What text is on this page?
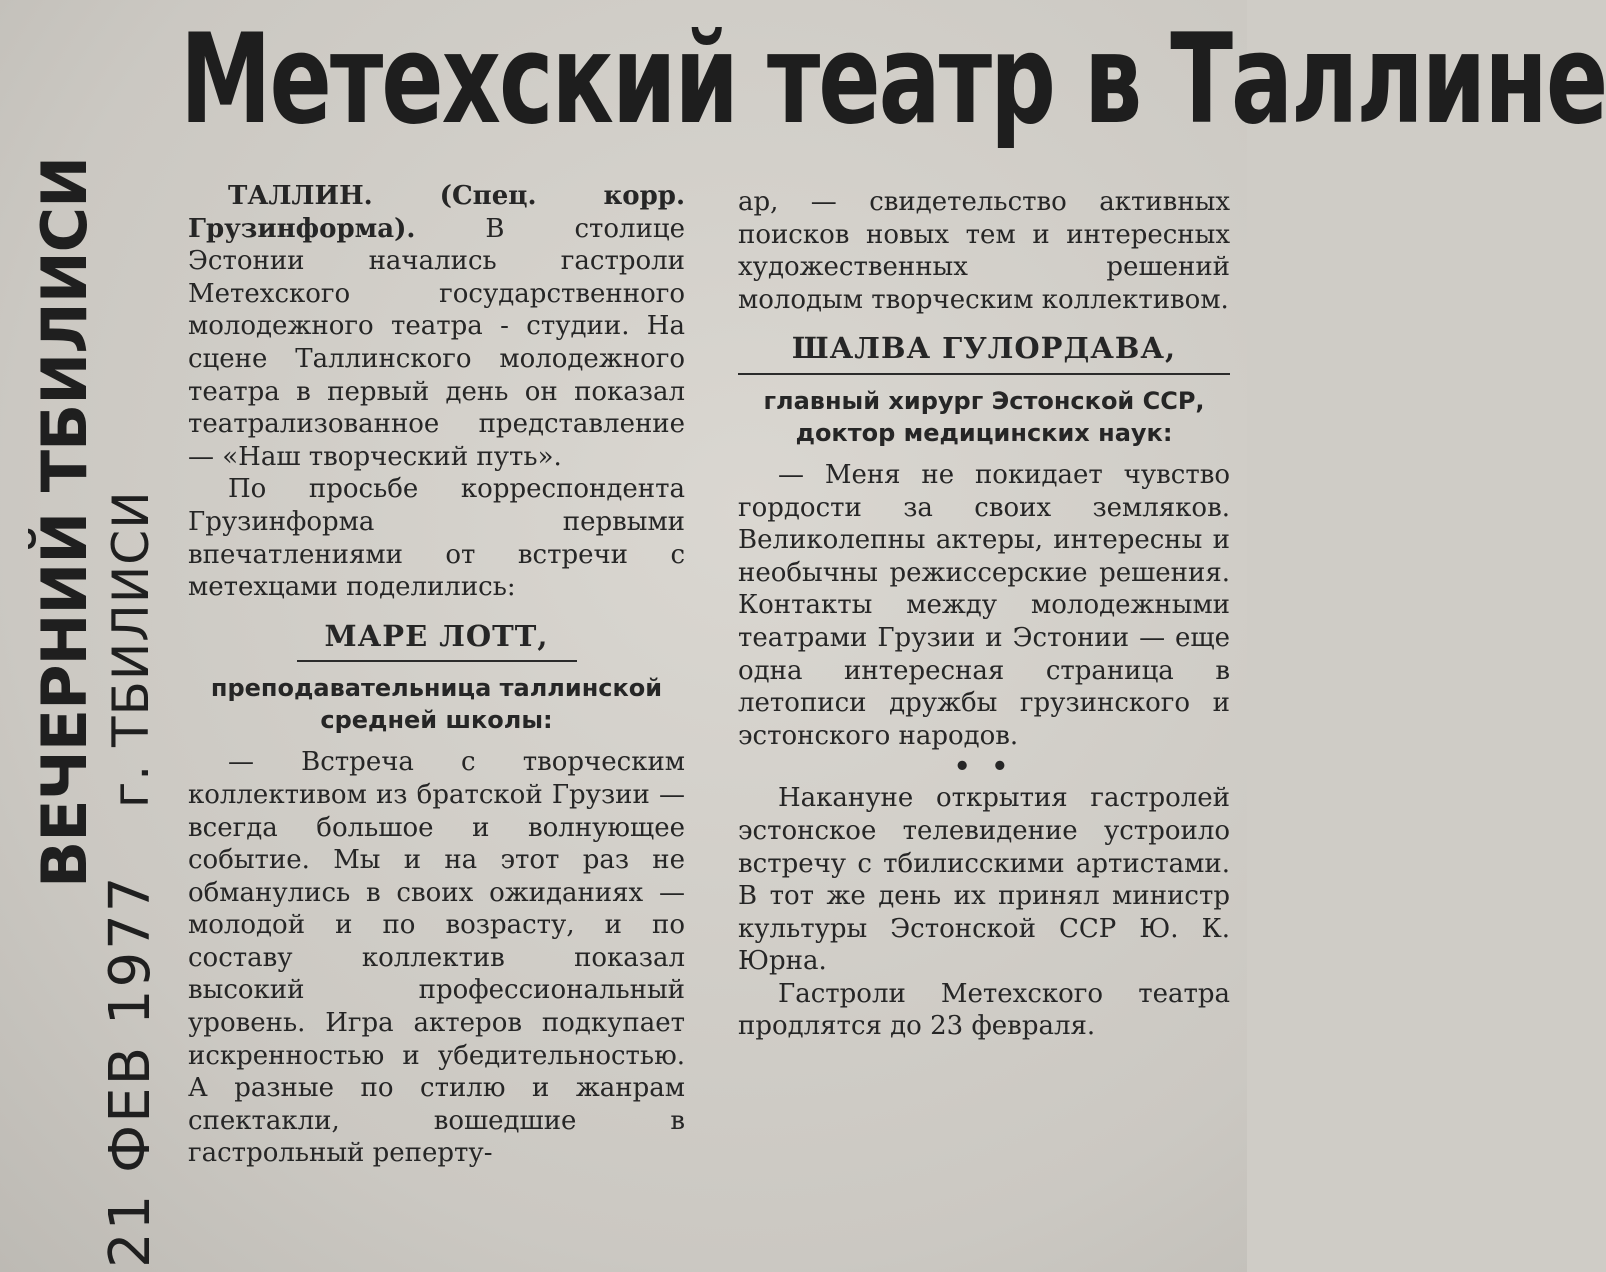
Метехский театр в Таллине
ВЕЧЕРНИЙ ТБИЛИСИ г. ТБИЛИСИ
21 ФЕВ 1977

ТАЛЛИН. (Спец. корр. Грузинформа). В столице Эстонии начались гастроли Метехского государственного молодежного театра - студии. На сцене Таллинского молодежного театра в первый день он показал театрализованное представление — «Наш творческий путь».

По просьбе корреспондента Грузинформа первыми впечатлениями от встречи с метехцами поделились:

МАРЕ ЛОТТ,
преподавательница таллинской средней школы:

— Встреча с творческим коллективом из братской Грузии — всегда большое и волнующее событие. Мы и на этот раз не обманулись в своих ожиданиях — молодой и по возрасту, и по составу коллектив показал высокий профессиональный уровень. Игра актеров подкупает искренностью и убедительностью. А разные по стилю и жанрам спектакли, вошедшие в гастрольный реперту-

ар, — свидетельство активных поисков новых тем и интересных художественных решений молодым творческим коллективом.

ШАЛВА ГУЛОРДАВА,
главный хирург Эстонской ССР, доктор медицинских наук:

— Меня не покидает чувство гордости за своих земляков. Великолепны актеры, интересны и необычны режиссерские решения. Контакты между молодежными театрами Грузии и Эстонии — еще одна интересная страница в летописи дружбы грузинского и эстонского народов.

• •

Накануне открытия гастролей эстонское телевидение устроило встречу с тбилисскими артистами. В тот же день их принял министр культуры Эстонской ССР Ю. К. Юрна.

Гастроли Метехского театра продлятся до 23 февраля.
